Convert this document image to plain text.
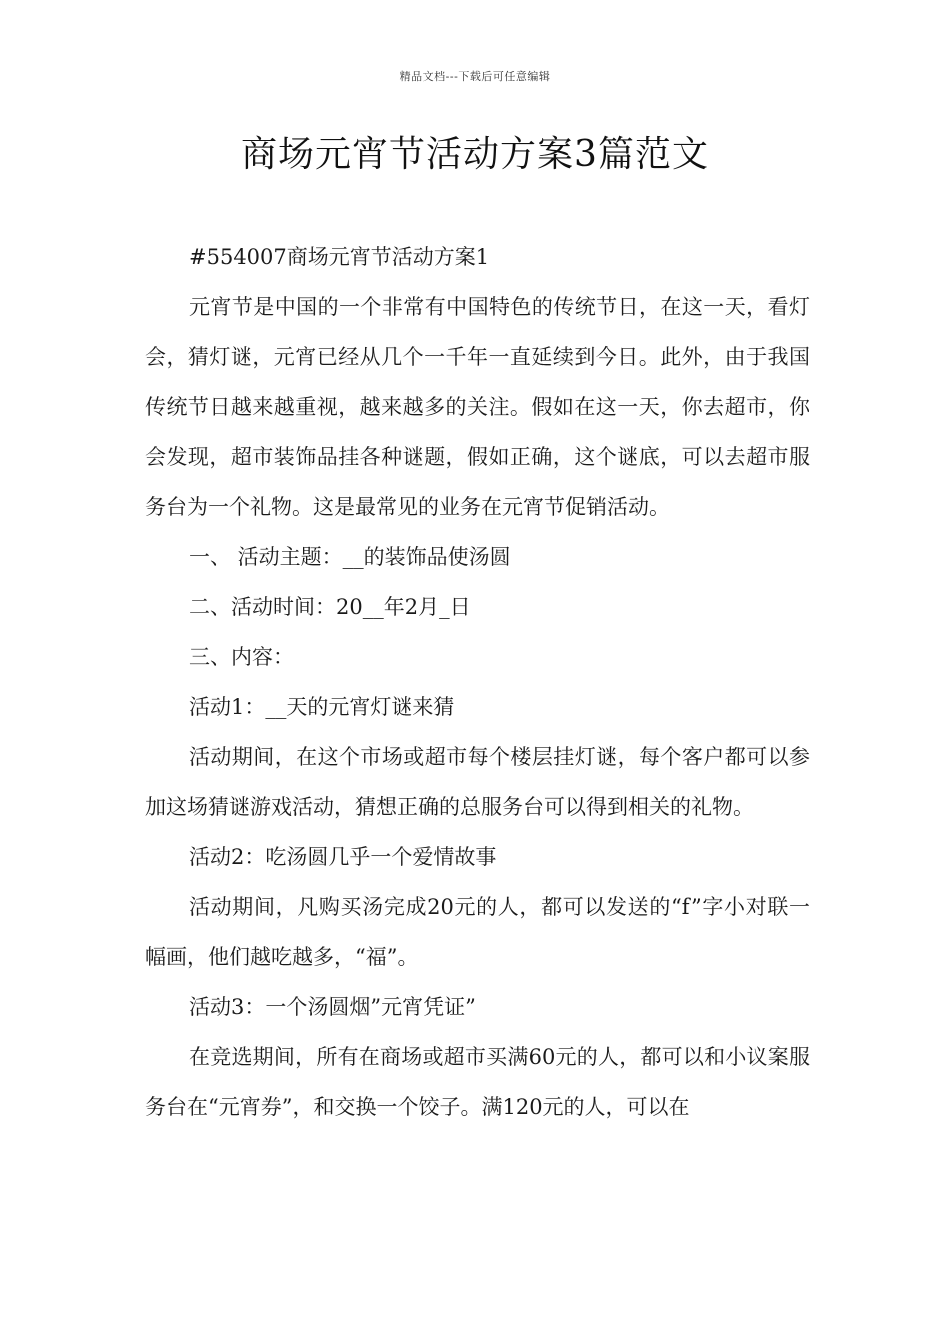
精品文档---下载后可任意编辑
商场元宵节活动方案3篇范文

#554007商场元宵节活动方案1

元宵节是中国的一个非常有中国特色的传统节日，在这一天，看灯会，猜灯谜，元宵已经从几个一千年一直延续到今日。此外，由于我国传统节日越来越重视，越来越多的关注。假如在这一天，你去超市，你会发现，超市装饰品挂各种谜题，假如正确，这个谜底，可以去超市服务台为一个礼物。这是最常见的业务在元宵节促销活动。

一、 活动主题：__的装饰品使汤圆

二、活动时间：20__年2月_日

三、内容：

活动1：__天的元宵灯谜来猜

活动期间，在这个市场或超市每个楼层挂灯谜，每个客户都可以参加这场猜谜游戏活动，猜想正确的总服务台可以得到相关的礼物。

活动2：吃汤圆几乎一个爱情故事

活动期间，凡购买汤完成20元的人，都可以发送的“f”字小对联一幅画，他们越吃越多，“福”。

活动3：一个汤圆烟”元宵凭证”

在竞选期间，所有在商场或超市买满60元的人，都可以和小议案服务台在“元宵券”，和交换一个饺子。满120元的人，可以在
